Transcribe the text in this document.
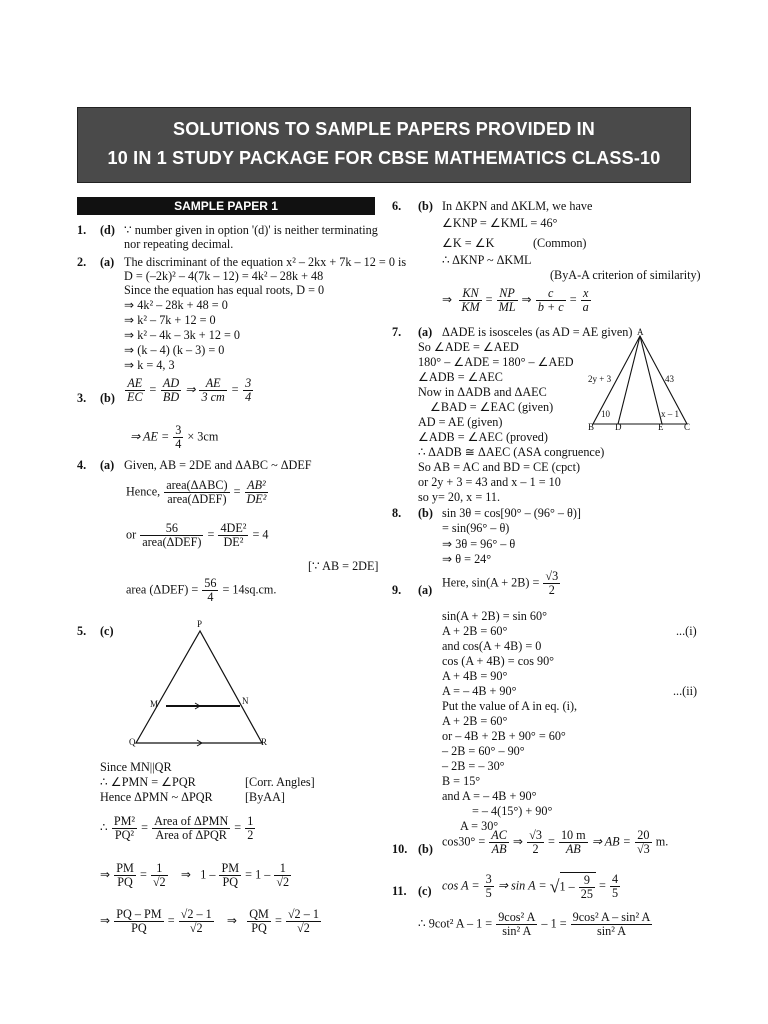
SOLUTIONS TO SAMPLE PAPERS PROVIDED IN
10 IN 1 STUDY PACKAGE FOR CBSE MATHEMATICS CLASS-10
SAMPLE PAPER 1
1. (d) ∵ number given in option '(d)' is neither terminating
nor repeating decimal.
2. (a) The discriminant of the equation x² – 2kx + 7k – 12 = 0 is
D = (–2k)² – 4(7k – 12) = 4k² – 28k + 48
Since the equation has equal roots, D = 0
⇒ 4k² – 28k + 48 = 0
⇒ k² – 7k + 12 = 0
⇒ k² – 4k – 3k + 12 = 0
⇒ (k – 4) (k – 3) = 0
⇒ k = 4, 3
3. $(b) \frac{AE}{EC} = \frac{AD}{BD}$ ⇒ $\frac{AE}{3 cm} = \frac{3}{4}$
⇒ AE = $\frac{3}{4} \times 3cm$
4. (a) Given, AB = 2DE and ΔABC ~ ΔDEF
Hence, $\frac{\text{area(ΔABC)}}{\text{area(ΔDEF)}} = \frac{\text{AB²}}{\text{DE²}}$
or $\frac{56}{\text{area(ΔDEF)}} = \frac{\text{4DE²}}{\text{DE²}} = 4$
[∵ AB = 2DE]
area $(\Delta DEF) = \frac{56}{4} = 14sq.cm$.
5. (c)	P
M	N
Q	R
Since MN||QR
∴ ∠PMN = ∠PQR	[Corr. Angles]
Hence ΔPMN ~ ΔPQR	[ByAA]
∴ $\frac{\text{PM²}}{\text{PQ²}} = \frac{\text{Area of ΔPMN}}{\text{Area of ΔPQR}} = \frac{1}{2}$
⇒ $\frac{PM}{PQ} = \frac{1}{√2}$ ⇒ $1 - \frac{PM}{PQ} = 1 - \frac{1}{√2}$
⇒ $\frac{PQ - PM}{PQ} = \frac{√2 - 1}{√2}$ ⇒ $\frac{QM}{PQ} = \frac{√2 - 1}{√2}$
6. (b) In ΔKPN and ΔKLM, we have
∠KNP = ∠KML = 46°
∠K = ∠K	(Common)
∴ ΔKNP ~ ΔKML
(ByA-A criterion of similarity)
⇒ $\frac{KN}{KM} = \frac{NP}{ML}$ ⇒ $\frac{c}{b + c} = \frac{x}{a}$
7. (a) ΔADE is isosceles (as AD = AE given)
So ∠ADE = ∠AED
180° – ∠ADE = 180° – ∠AED
∠ADB = ∠AEC
Now in ΔADB and ΔAEC
∠BAD = ∠EAC (given)
AD = AE (given)
∠ADB = ∠AEC (proved)
∴ ΔADB ≅ ΔAEC (ASA congruence)
So AB = AC and BD = CE (cpct)
or 2y + 3 = 43 and x – 1 = 10
so y= 20, x = 11.
A
B D	E C
2y + 3	43
10	x – 1
8. (b) sin 3θ = cos[90° – (96° – θ)]
= sin(96° – θ)
⇒ 3θ = 96° – θ
⇒ θ = 24°
9. (a)
Here, $\sin(A + 2B) = \frac{√3}{2}$
sin(A + 2B) = sin 60°
A + 2B = 60°	...(i)
and cos(A + 4B) = 0
cos (A + 4B) = cos 90°
A + 4B = 90°
A = – 4B + 90°	...(ii)
Put the value of A in eq. (i),
A + 2B = 60°
or – 4B + 2B + 90° = 60°
– 2B = 60° – 90°
– 2B = – 30°
B = 15°
and A = – 4B + 90°
= – 4(15°) + 90°
A = 30°
10. (b)
$\cos 30^\circ = \frac{AC}{AB}$ ⇒ $\frac{√3}{2} = \frac{10 m}{AB}$ ⇒ AB = $\frac{20}{√3} m$.
11. (c) $\cos A = \frac{3}{5}$ ⇒ $\sin A = √1 - \frac{9}{25} = \frac{4}{5}$
∴ 9cot² $A - 1 = \frac{\text{9cos² A}}{\text{sin² A}} - 1 = \frac{\text{9cos² A – sin² A}}{\text{sin² A}}$
